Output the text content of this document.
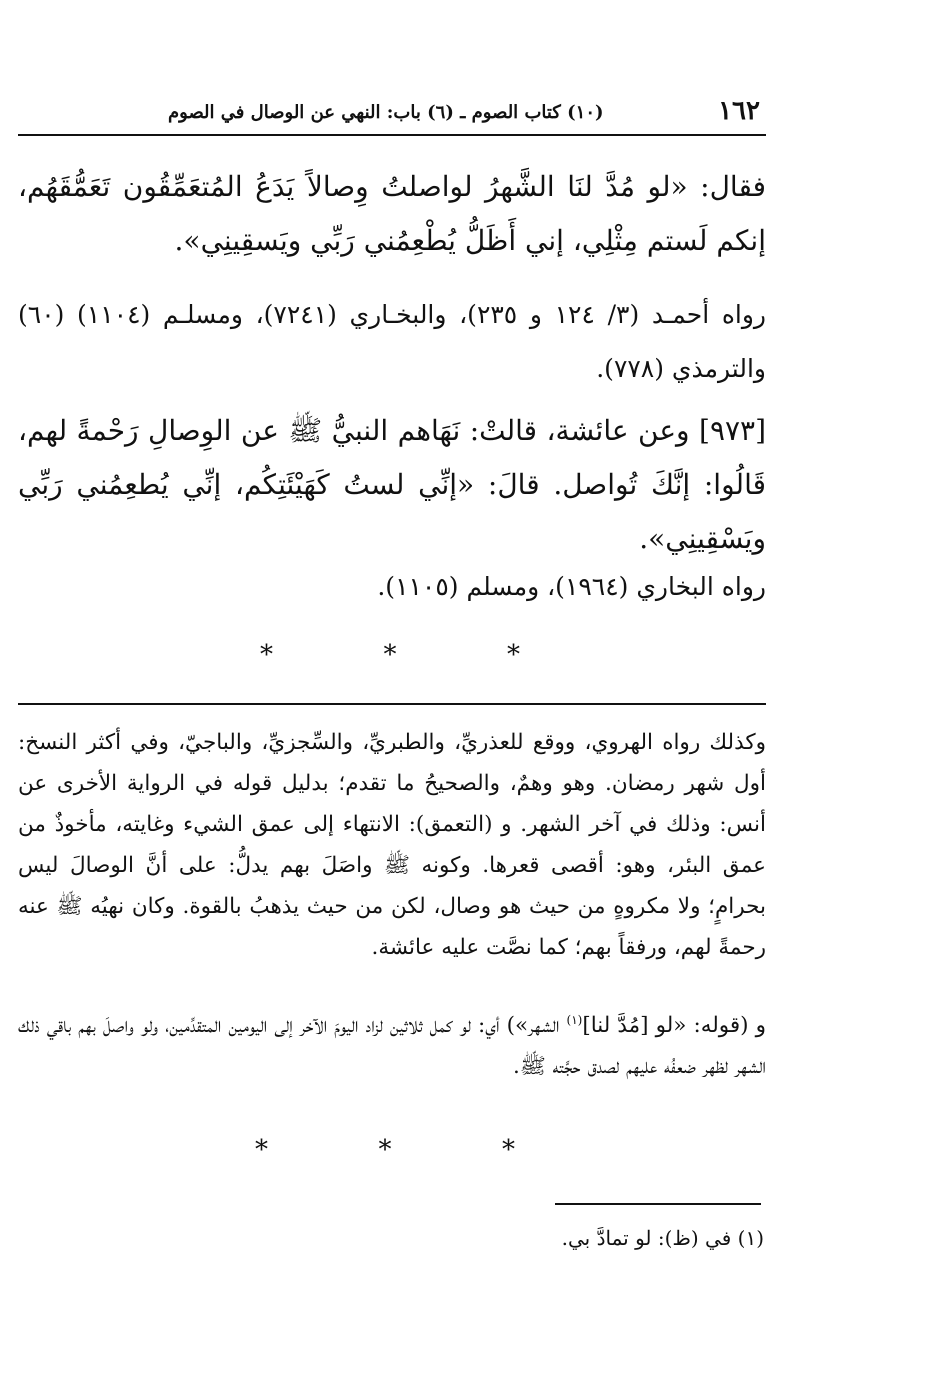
١٦٢
(١٠) كتاب الصوم ـ (٦) باب: النهي عن الوصال في الصوم
فقال: «لو مُدَّ لنَا الشَّهرُ لواصلتُ وِصالاً يَدَعُ المُتعَمِّقُون تَعَمُّقَهُم، إنكم لَستم مِثْلِي، إني أَظَلُّ يُطْعِمُني رَبِّي ويَسقِينِي».
رواه أحمـد (٣/ ١٢٤ و ٢٣٥)، والبخـاري (٧٢٤١)، ومسلـم (١١٠٤) (٦٠) والترمذي (٧٧٨).
[٩٧٣] وعن عائشة، قالتْ: نَهَاهم النبيُّ ﷺ عن الوِصالِ رَحْمةً لهم، قَالُوا: إنَّكَ تُواصل. قالَ: «إنِّي لستُ كَهَيْئَتِكُم، إنِّي يُطعِمُني رَبِّي ويَسْقِينِي».
رواه البخاري (١٩٦٤)، ومسلم (١١٠٥).
*	*	*
وكذلك رواه الهروي، ووقع للعذريِّ، والطبريِّ، والسِّجزيِّ، والباجيّ، وفي أكثر النسخ: أول شهر رمضان. وهو وهمٌ، والصحيحُ ما تقدم؛ بدليل قوله في الرواية الأخرى عن أنس: وذلك في آخر الشهر. و (التعمق): الانتهاء إلى عمق الشيء وغايته، مأخوذٌ من عمق البئر، وهو: أقصى قعرها. وكونه ﷺ واصَلَ بهم يدلُّ: على أنَّ الوصالَ ليس بحرامٍ؛ ولا مكروهٍ من حيث هو وصال، لكن من حيث يذهبُ بالقوة. وكان نهيُه ﷺ عنه رحمةً لهم، ورفقاً بهم؛ كما نصَّت عليه عائشة.
و (قوله: «لو [مُدَّ لنا]$^{(١)}$ الشهر») أي: لو كمل ثلاثين لزاد اليومَ الآخر إلى اليومين المتقدِّمين، ولو واصلَ بهم باقي ذلك الشهر لظهر ضعفُه عليهم لصدق حجَّته ﷺ.
*	*	*
(١) في (ظ): لو تمادَّ بي.
